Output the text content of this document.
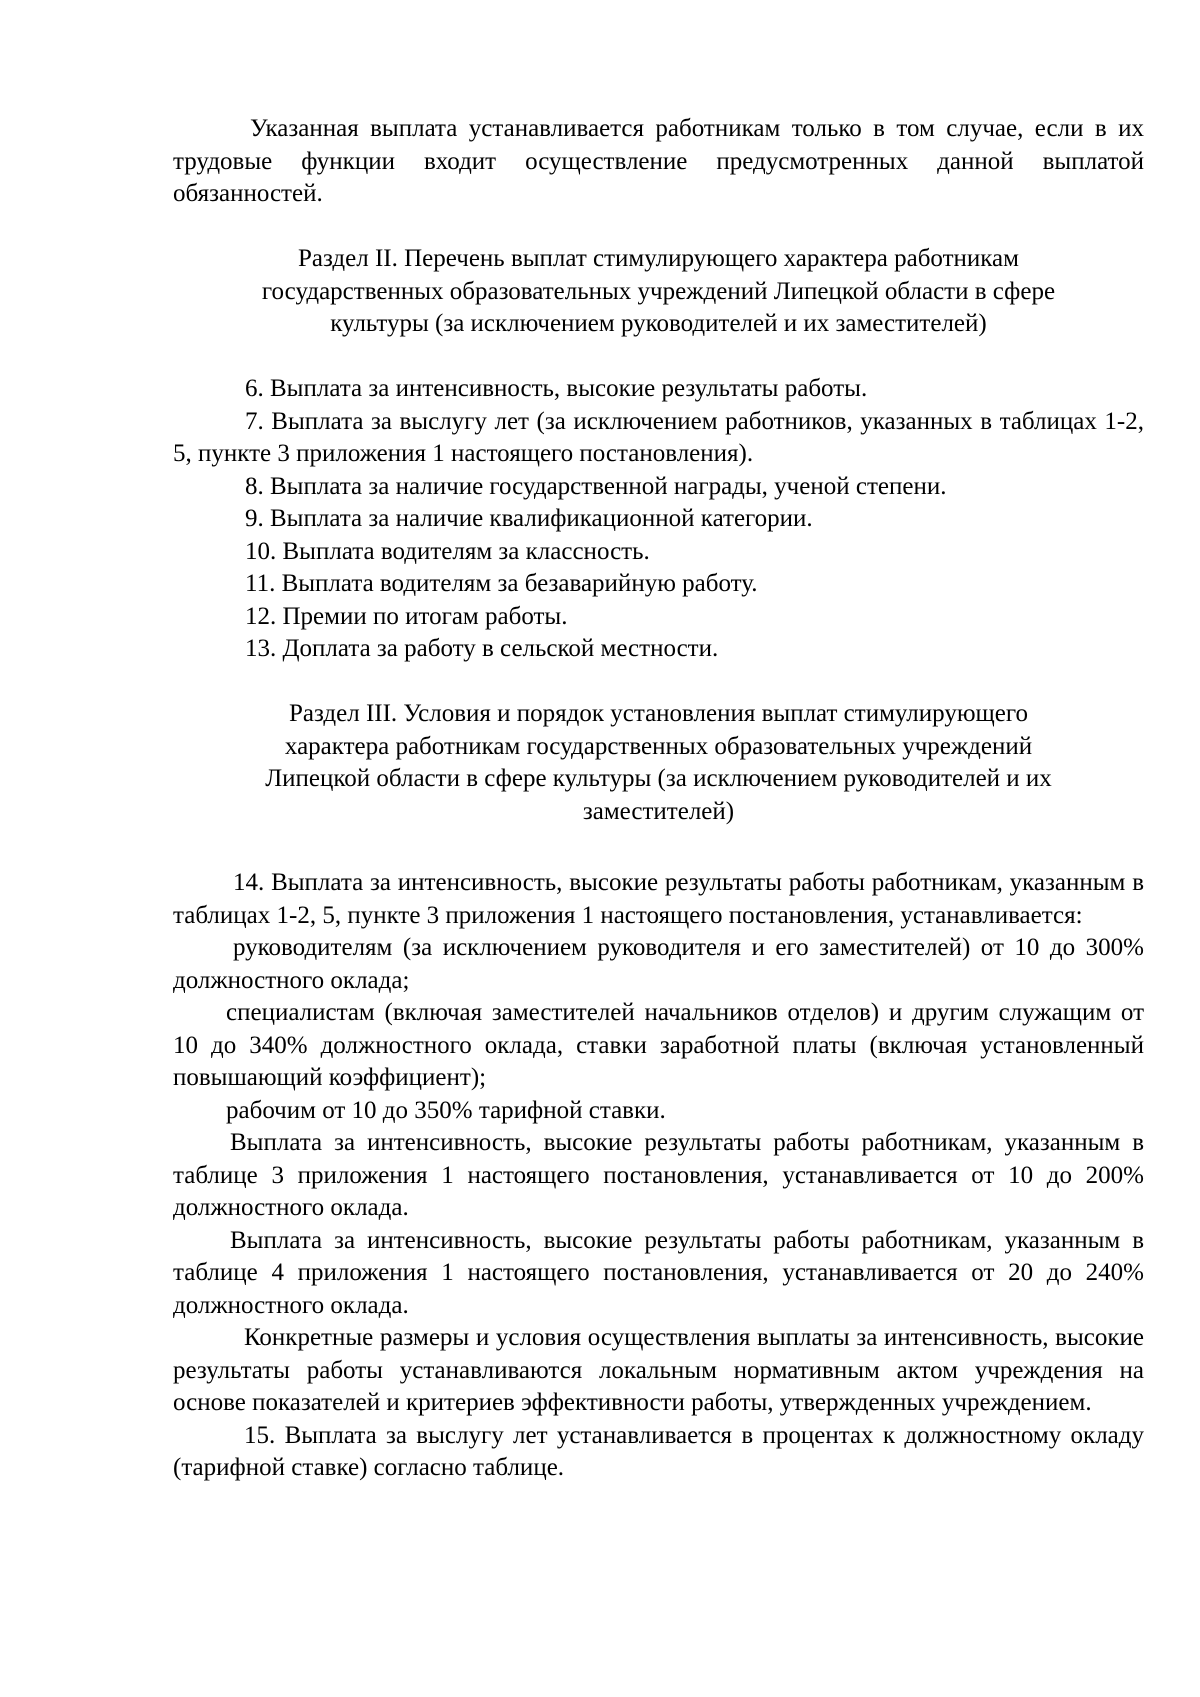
Указанная выплата устанавливается работникам только в том случае, если в их трудовые функции входит осуществление предусмотренных данной выплатой обязанностей.

Раздел II. Перечень выплат стимулирующего характера работникам

государственных образовательных учреждений Липецкой области в сфере

культуры (за исключением руководителей и их заместителей)

6. Выплата за интенсивность, высокие результаты работы.

7. Выплата за выслугу лет (за исключением работников, указанных в таблицах 1-2, 5, пункте 3 приложения 1 настоящего постановления).

8. Выплата за наличие государственной награды, ученой степени.

9. Выплата за наличие квалификационной категории.

10. Выплата водителям за классность.

11. Выплата водителям за безаварийную работу.

12. Премии по итогам работы.

13. Доплата за работу в сельской местности.

Раздел III. Условия и порядок установления выплат стимулирующего

характера работникам государственных образовательных учреждений

Липецкой области в сфере культуры (за исключением руководителей и их

заместителей)

14. Выплата за интенсивность, высокие результаты работы работникам, указанным в таблицах 1-2, 5, пункте 3 приложения 1 настоящего постановления, устанавливается:

руководителям (за исключением руководителя и его заместителей) от 10 до 300% должностного оклада;

специалистам (включая заместителей начальников отделов) и другим служащим от 10 до 340% должностного оклада, ставки заработной платы (включая установленный повышающий коэффициент);

рабочим от 10 до 350% тарифной ставки.

Выплата за интенсивность, высокие результаты работы работникам, указанным в таблице 3 приложения 1 настоящего постановления, устанавливается от 10 до 200% должностного оклада.

Выплата за интенсивность, высокие результаты работы работникам, указанным в таблице 4 приложения 1 настоящего постановления, устанавливается от 20 до 240% должностного оклада.

Конкретные размеры и условия осуществления выплаты за интенсивность, высокие результаты работы устанавливаются локальным нормативным актом учреждения на основе показателей и критериев эффективности работы, утвержденных учреждением.

15. Выплата за выслугу лет устанавливается в процентах к должностному окладу (тарифной ставке) согласно таблице.
